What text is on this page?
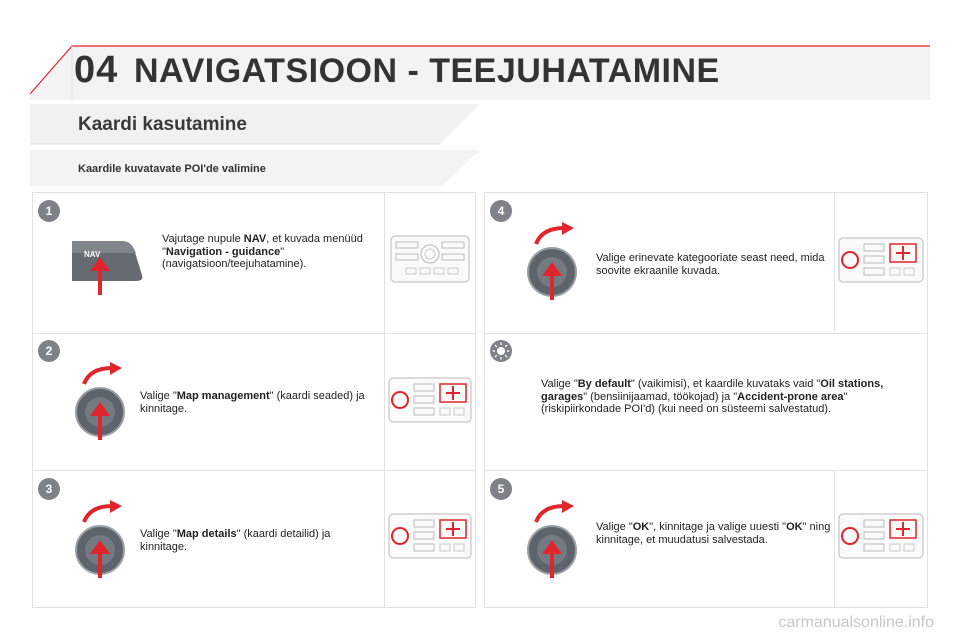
04 NAVIGATSIOON - TEEJUHATAMINE
Kaardi kasutamine
Kaardile kuvatavate POI'de valimine
1
NAV
Vajutage nupule NAV, et kuvada menüüd "Navigation - guidance" (navigatsioon/teejuhatamine).
2
Valige "Map management" (kaardi seaded) ja kinnitage.
3
Valige "Map details" (kaardi detailid) ja kinnitage.
4
Valige erinevate kategooriate seast need, mida soovite ekraanile kuvada.
Valige "By default" (vaikimisi), et kaardile kuvataks vaid "Oil stations, garages" (bensiinijaamad, töökojad) ja "Accident-prone area" (riskipiirkondade POI'd) (kui need on süsteemi salvestatud).
5
Valige "OK", kinnitage ja valige uuesti "OK" ning kinnitage, et muudatusi salvestada.
carmanualsonline.info
